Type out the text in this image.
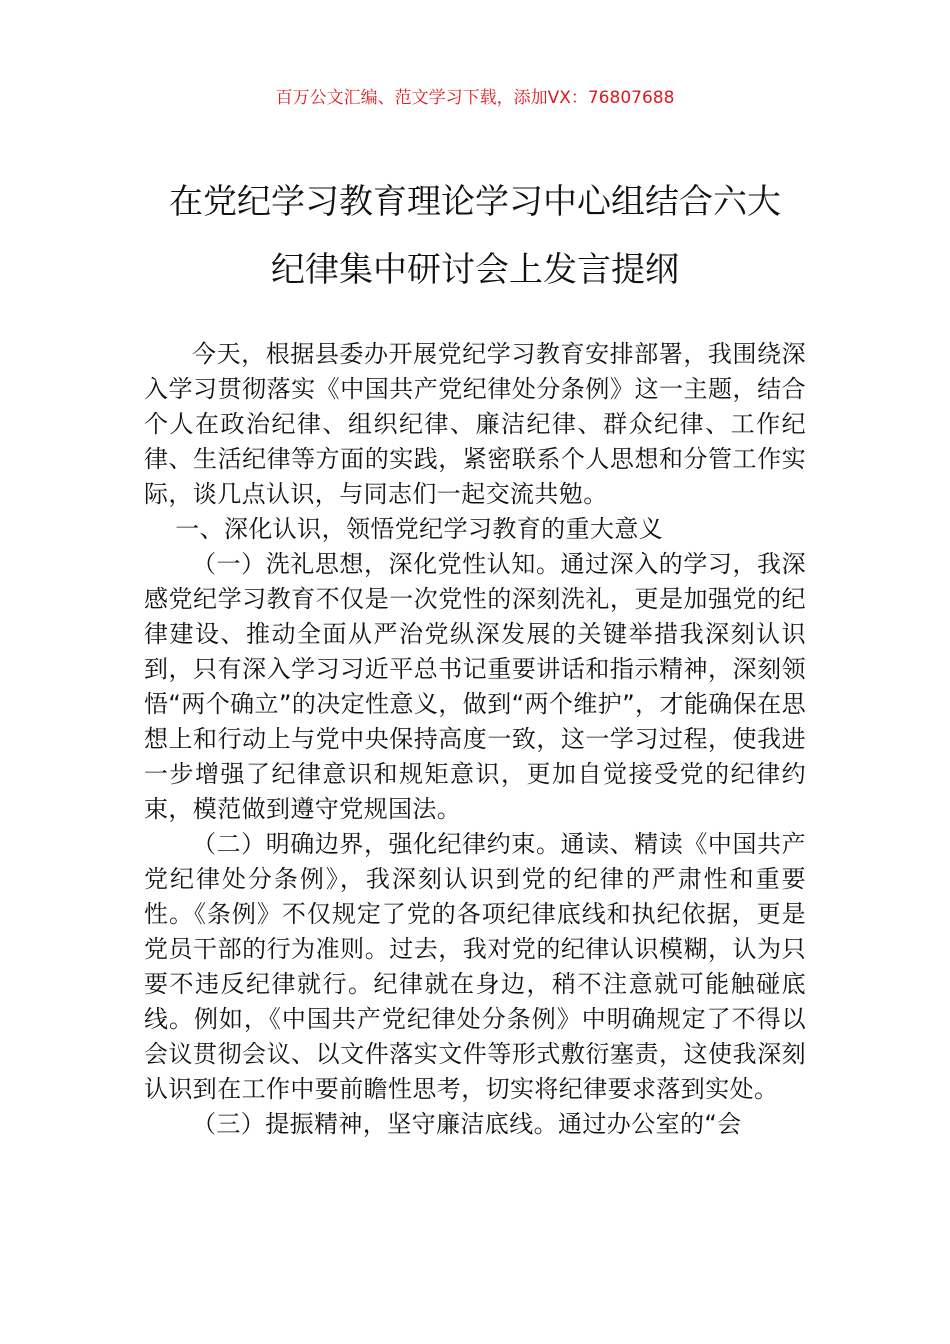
百万公文汇编、范文学习下载，添加VX：76807688
在党纪学习教育理论学习中心组结合六大
纪律集中研讨会上发言提纲

今天，根据县委办开展党纪学习教育安排部署，我围绕深入学习贯彻落实《中国共产党纪律处分条例》这一主题，结合个人在政治纪律、组织纪律、廉洁纪律、群众纪律、工作纪律、生活纪律等方面的实践，紧密联系个人思想和分管工作实际，谈几点认识，与同志们一起交流共勉。

一、深化认识，领悟党纪学习教育的重大意义

（一）洗礼思想，深化党性认知。通过深入的学习，我深感党纪学习教育不仅是一次党性的深刻洗礼，更是加强党的纪律建设、推动全面从严治党纵深发展的关键举措我深刻认识到，只有深入学习习近平总书记重要讲话和指示精神，深刻领悟“两个确立”的决定性意义，做到“两个维护”，才能确保在思想上和行动上与党中央保持高度一致，这一学习过程，使我进一步增强了纪律意识和规矩意识，更加自觉接受党的纪律约束，模范做到遵守党规国法。

（二）明确边界，强化纪律约束。通读、精读《中国共产党纪律处分条例》，我深刻认识到党的纪律的严肃性和重要性。《条例》不仅规定了党的各项纪律底线和执纪依据，更是党员干部的行为准则。过去，我对党的纪律认识模糊，认为只要不违反纪律就行。纪律就在身边，稍不注意就可能触碰底线。例如，《中国共产党纪律处分条例》中明确规定了不得以会议贯彻会议、以文件落实文件等形式敷衍塞责，这使我深刻认识到在工作中要前瞻性思考，切实将纪律要求落到实处。

（三）提振精神，坚守廉洁底线。通过办公室的“会
